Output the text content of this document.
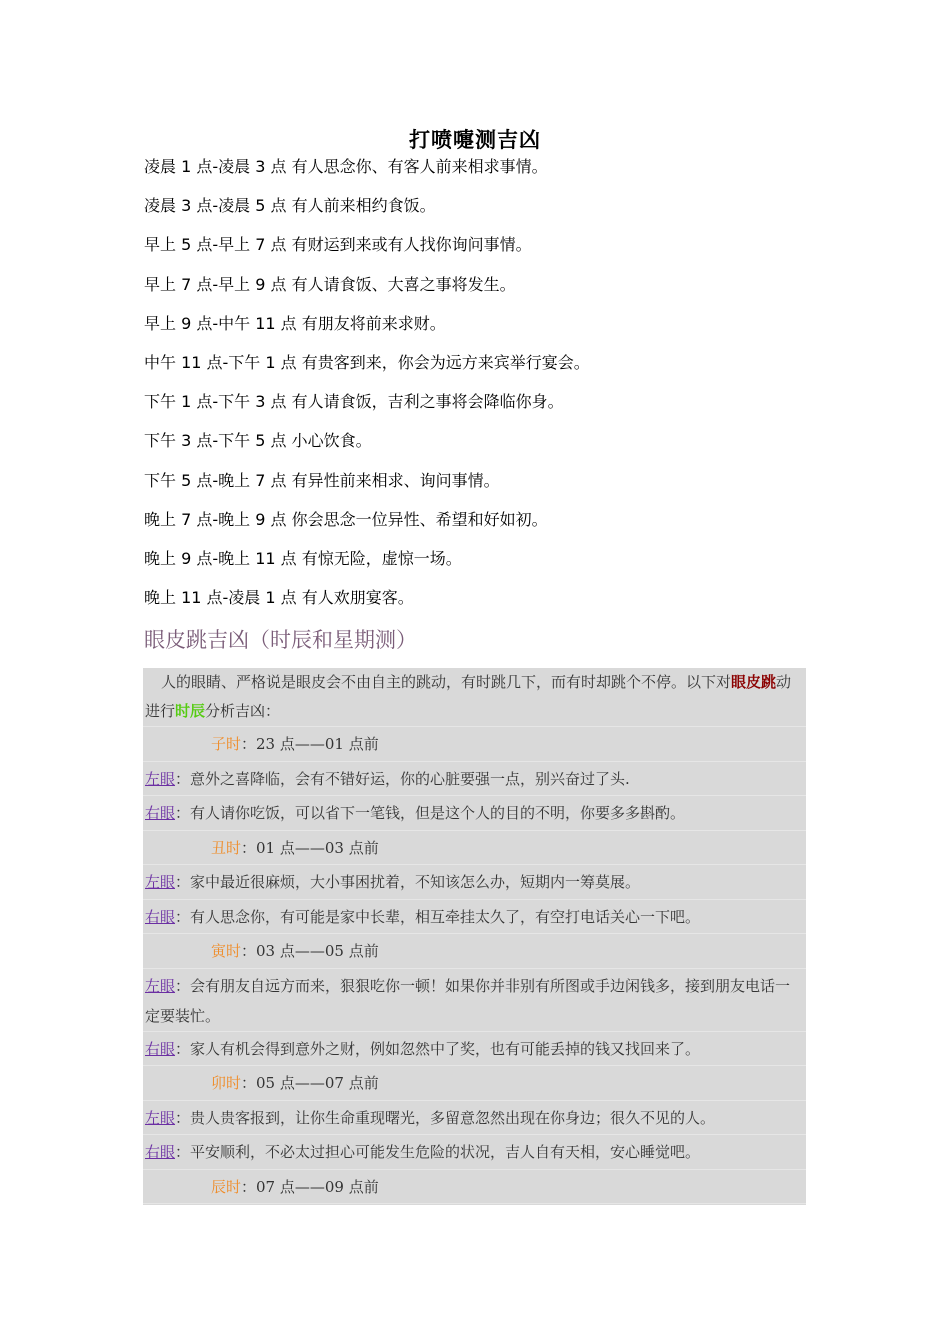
打喷嚏测吉凶
凌晨 1 点-凌晨 3 点 有人思念你、有客人前来相求事情。
凌晨 3 点-凌晨 5 点 有人前来相约食饭。
早上 5 点-早上 7 点 有财运到来或有人找你询问事情。
早上 7 点-早上 9 点 有人请食饭、大喜之事将发生。
早上 9 点-中午 11 点 有朋友将前来求财。
中午 11 点-下午 1 点 有贵客到来，你会为远方来宾举行宴会。
下午 1 点-下午 3 点 有人请食饭，吉利之事将会降临你身。
下午 3 点-下午 5 点 小心饮食。
下午 5 点-晚上 7 点 有异性前来相求、询问事情。
晚上 7 点-晚上 9 点 你会思念一位异性、希望和好如初。
晚上 9 点-晚上 11 点 有惊无险，虚惊一场。
晚上 11 点-凌晨 1 点 有人欢朋宴客。
眼皮跳吉凶（时辰和星期测）
人的眼睛、严格说是眼皮会不由自主的跳动，有时跳几下，而有时却跳个不停。以下对眼皮跳动进行时辰分析吉凶：
子时：23 点——01 点前
左眼：意外之喜降临，会有不错好运，你的心脏要强一点，别兴奋过了头.
右眼：有人请你吃饭，可以省下一笔钱，但是这个人的目的不明，你要多多斟酌。
丑时：01 点——03 点前
左眼：家中最近很麻烦，大小事困扰着，不知该怎么办，短期内一筹莫展。
右眼：有人思念你，有可能是家中长辈，相互牵挂太久了，有空打电话关心一下吧。
寅时：03 点——05 点前
左眼：会有朋友自远方而来，狠狠吃你一顿！如果你并非别有所图或手边闲钱多，接到朋友电话一定要装忙。
右眼：家人有机会得到意外之财，例如忽然中了奖，也有可能丢掉的钱又找回来了。
卯时：05 点——07 点前
左眼：贵人贵客报到，让你生命重现曙光，多留意忽然出现在你身边；很久不见的人。
右眼：平安顺利，不必太过担心可能发生危险的状况，吉人自有天相，安心睡觉吧。
辰时：07 点——09 点前
